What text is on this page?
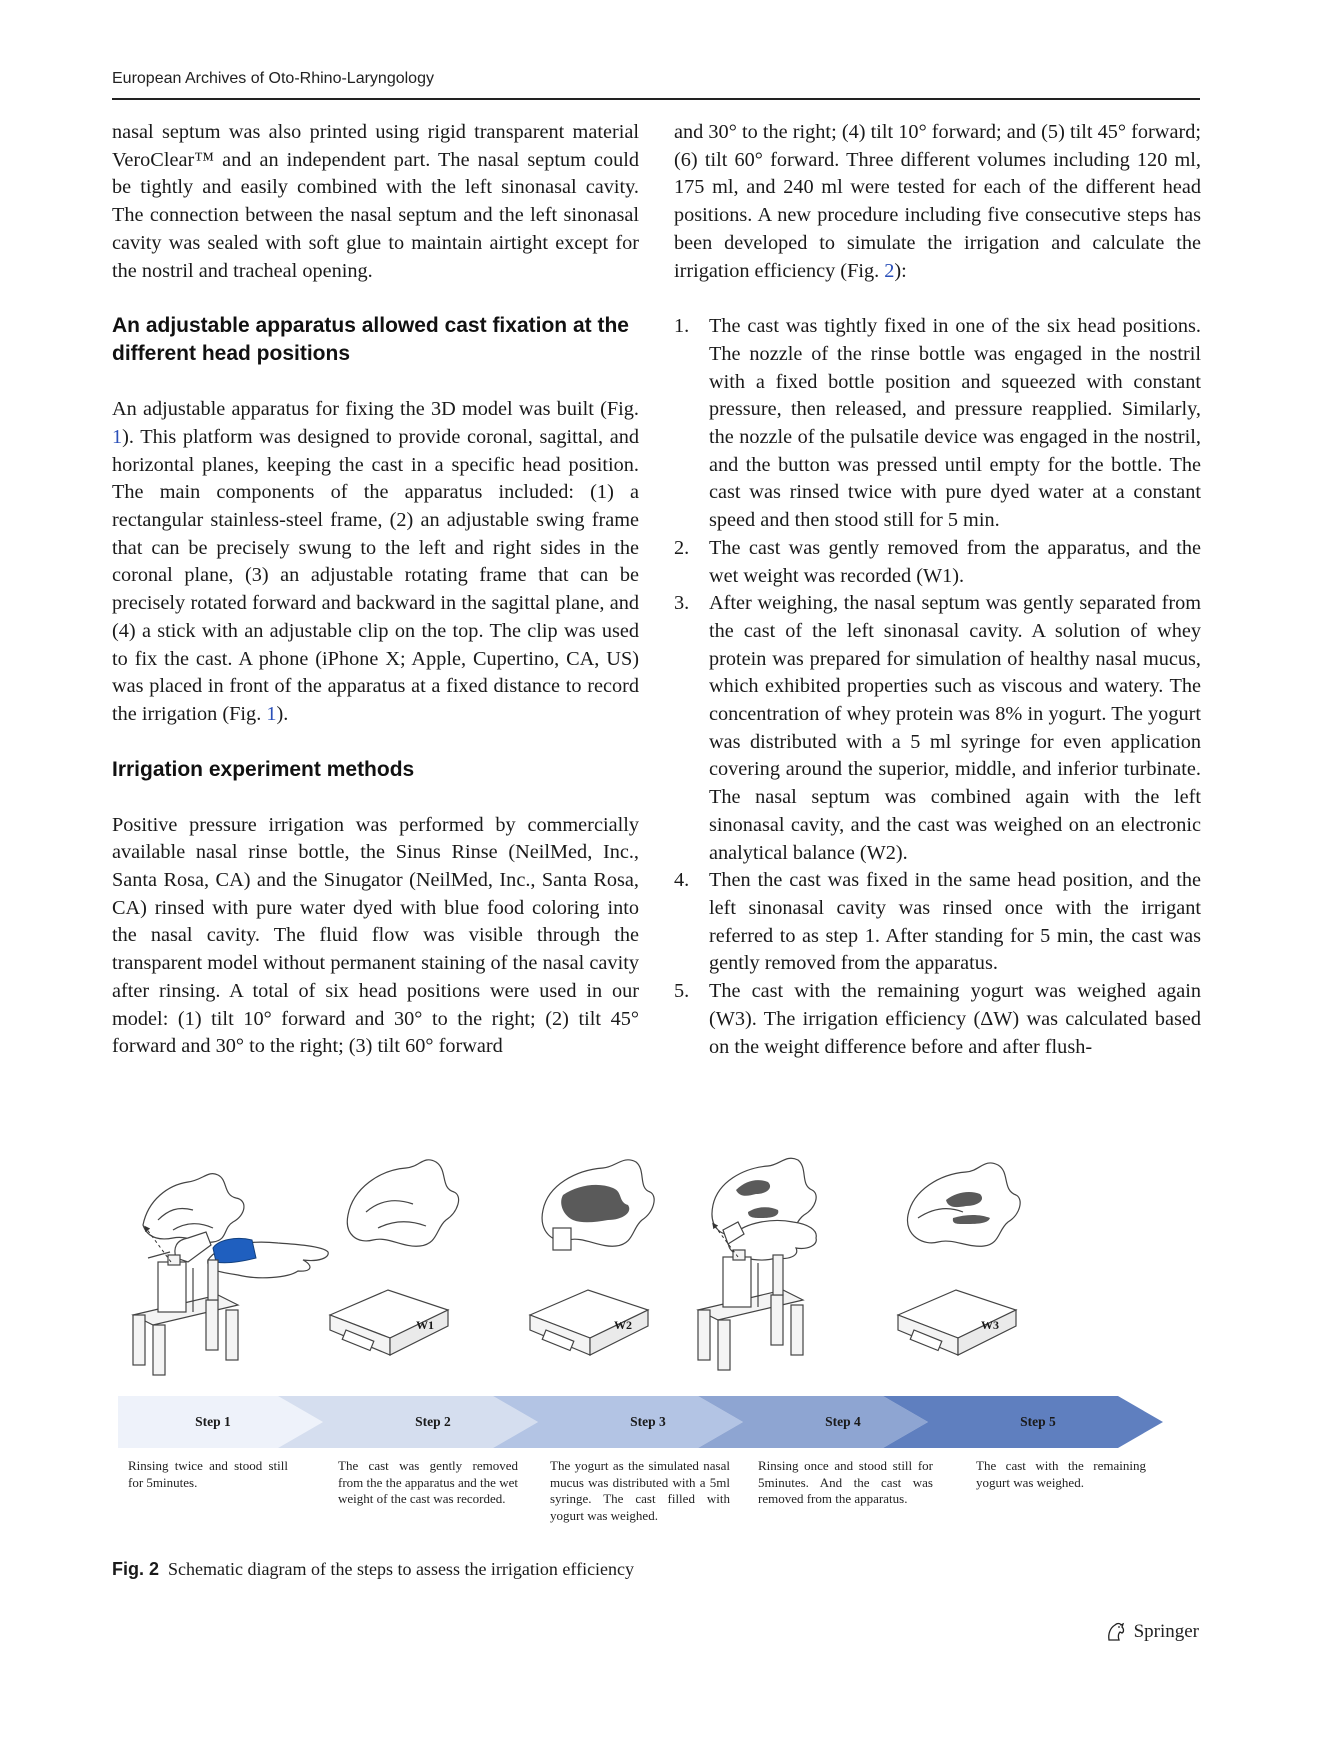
European Archives of Oto-Rhino-Laryngology

nasal septum was also printed using rigid transparent material VeroClear™ and an independent part. The nasal septum could be tightly and easily combined with the left sinonasal cavity. The connection between the nasal septum and the left sinonasal cavity was sealed with soft glue to maintain airtight except for the nostril and tracheal opening.

An adjustable apparatus allowed cast fixation at the different head positions

An adjustable apparatus for fixing the 3D model was built (Fig. 1). This platform was designed to provide coronal, sagittal, and horizontal planes, keeping the cast in a specific head position. The main components of the apparatus included: (1) a rectangular stainless-steel frame, (2) an adjustable swing frame that can be precisely swung to the left and right sides in the coronal plane, (3) an adjustable rotating frame that can be precisely rotated forward and backward in the sagittal plane, and (4) a stick with an adjustable clip on the top. The clip was used to fix the cast. A phone (iPhone X; Apple, Cupertino, CA, US) was placed in front of the apparatus at a fixed distance to record the irrigation (Fig. 1).

Irrigation experiment methods

Positive pressure irrigation was performed by commercially available nasal rinse bottle, the Sinus Rinse (NeilMed, Inc., Santa Rosa, CA) and the Sinugator (NeilMed, Inc., Santa Rosa, CA) rinsed with pure water dyed with blue food coloring into the nasal cavity. The fluid flow was visible through the transparent model without permanent staining of the nasal cavity after rinsing. A total of six head positions were used in our model: (1) tilt 10° forward and 30° to the right; (2) tilt 45° forward and 30° to the right; (3) tilt 60° forward

and 30° to the right; (4) tilt 10° forward; and (5) tilt 45° forward; (6) tilt 60° forward. Three different volumes including 120 ml, 175 ml, and 240 ml were tested for each of the different head positions. A new procedure including five consecutive steps has been developed to simulate the irrigation and calculate the irrigation efficiency (Fig. 2):

1. The cast was tightly fixed in one of the six head positions. The nozzle of the rinse bottle was engaged in the nostril with a fixed bottle position and squeezed with constant pressure, then released, and pressure reapplied. Similarly, the nozzle of the pulsatile device was engaged in the nostril, and the button was pressed until empty for the bottle. The cast was rinsed twice with pure dyed water at a constant speed and then stood still for 5 min.
2. The cast was gently removed from the apparatus, and the wet weight was recorded (W1).
3. After weighing, the nasal septum was gently separated from the cast of the left sinonasal cavity. A solution of whey protein was prepared for simulation of healthy nasal mucus, which exhibited properties such as viscous and watery. The concentration of whey protein was 8% in yogurt. The yogurt was distributed with a 5 ml syringe for even application covering around the superior, middle, and inferior turbinate. The nasal septum was combined again with the left sinonasal cavity, and the cast was weighed on an electronic analytical balance (W2).
4. Then the cast was fixed in the same head position, and the left sinonasal cavity was rinsed once with the irrigant referred to as step 1. After standing for 5 min, the cast was gently removed from the apparatus.
5. The cast with the remaining yogurt was weighed again (W3). The irrigation efficiency (ΔW) was calculated based on the weight difference before and after flush-
W1	W2	W3
Step 1	Step 2	Step 3	Step 4	Step 5
Rinsing twice and stood still for 5minutes.
The cast was gently removed from the the apparatus and the wet weight of the cast was recorded.
The yogurt as the simulated nasal mucus was distributed with a 5ml syringe. The cast filled with yogurt was weighed.
Rinsing once and stood still for 5minutes. And the cast was removed from the apparatus.
The cast with the remaining yogurt was weighed.
Fig. 2 Schematic diagram of the steps to assess the irrigation efficiency
Springer
